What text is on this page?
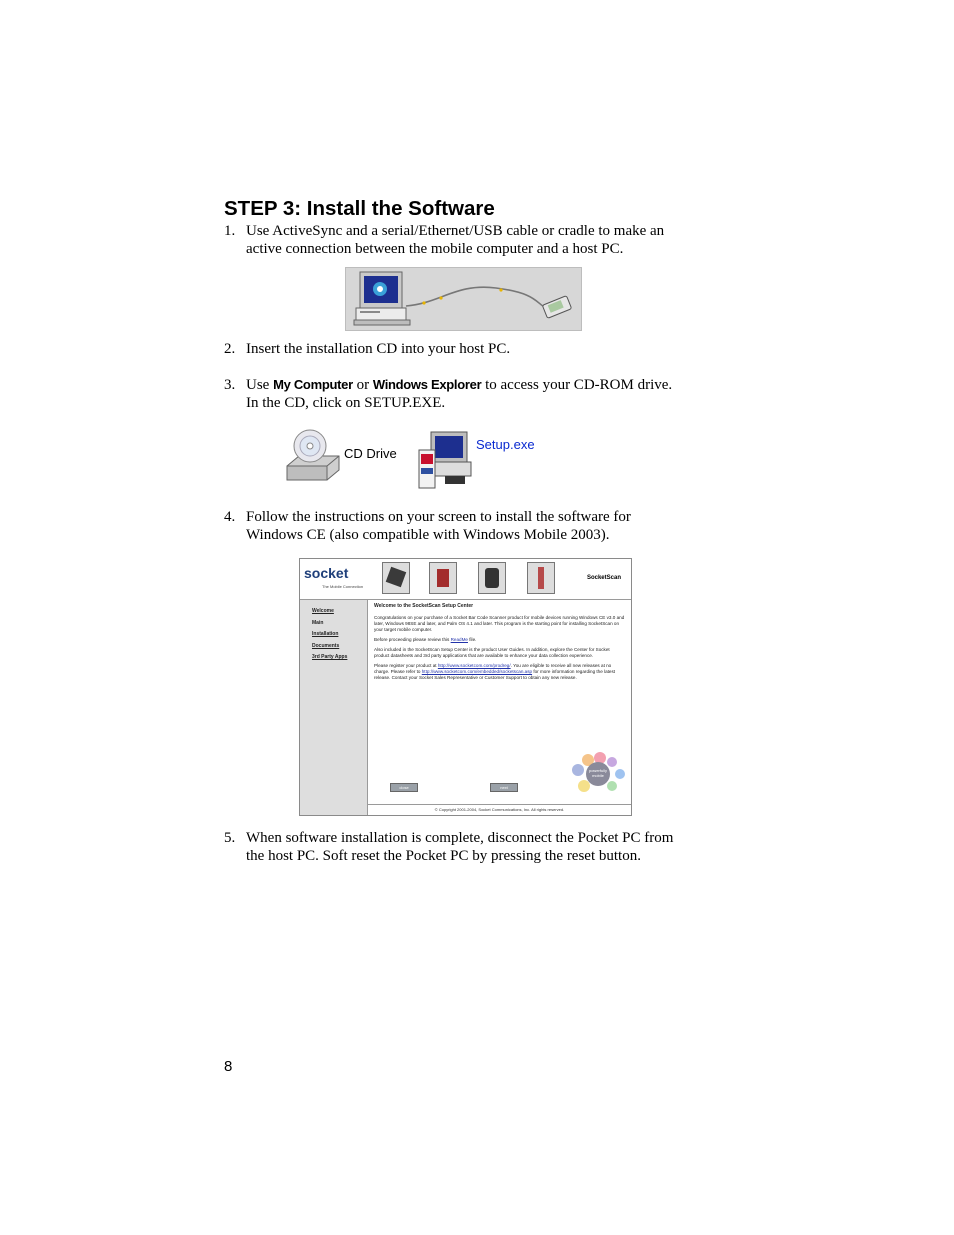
STEP 3: Install the Software
1. Use ActiveSync and a serial/Ethernet/USB cable or cradle to make an
active connection between the mobile computer and a host PC.
2. Insert the installation CD into your host PC.
3. Use My Computer or Windows Explorer to access your CD-ROM drive.
In the CD, click on SETUP.EXE.
CD Drive
Setup.exe
4. Follow the instructions on your screen to install the software for
Windows CE (also compatible with Windows Mobile 2003).
socket
The Mobile Connection
SocketScan
Welcome
Main
Installation
Documents
3rd Party Apps
Welcome to the SocketScan Setup Center

Congratulations on your purchase of a Socket Bar Code Scanner product for mobile devices running Windows CE v3.0 and later, Windows 98SE and later, and Palm OS 4.1 and later. This program is the starting point for installing SocketScan on your target mobile computer.

Before proceeding please review this ReadMe file.

Also included in the SocketScan Setup Center is the product User Guides. In addition, explore the Center for Socket product datasheets and 3rd party applications that are available to enhance your data collection experience.

Please register your product at http://www.socketcom.com/prodreg/. You are eligible to receive all new releases at no charge. Please refer to http://www.socketcom.com/embedded/socketscan.asp for more information regarding the latest release. Contact your Socket Sales Representative or Customer Support to obtain any new release.

powerfully mobile
close	next
© Copyright 2001-2004, Socket Communications, Inc. All rights reserved.
5. When software installation is complete, disconnect the Pocket PC from
the host PC. Soft reset the Pocket PC by pressing the reset button.
8
